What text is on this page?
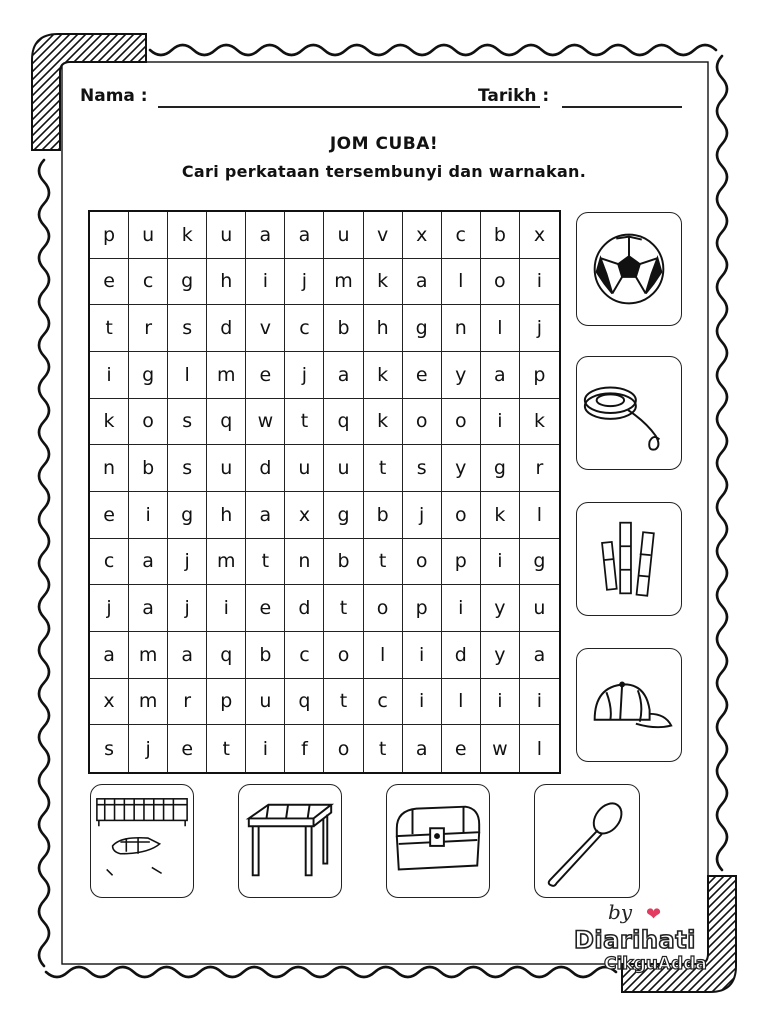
Nama :	Tarikh :
JOM CUBA!
Cari perkataan tersembunyi dan warnakan.
p	u	k	u	a	a	u	v	x	c	b	x
e	c	g	h	i	j	m	k	a	l	o	i
t	r	s	d	v	c	b	h	g	n	l	j
i	g	l	m	e	j	a	k	e	y	a	p
k	o	s	q	w	t	q	k	o	o	i	k
n	b	s	u	d	u	u	t	s	y	g	r
e	i	g	h	a	x	g	b	j	o	k	l
c	a	j	m	t	n	b	t	o	p	i	g
j	a	j	i	e	d	t	o	p	i	y	u
a	m	a	q	b	c	o	l	i	d	y	a
x	m	r	p	u	q	t	c	i	l	i	i
s	j	e	t	i	f	o	t	a	e	w	l
by ❤
Diarihati
CikguAdda
